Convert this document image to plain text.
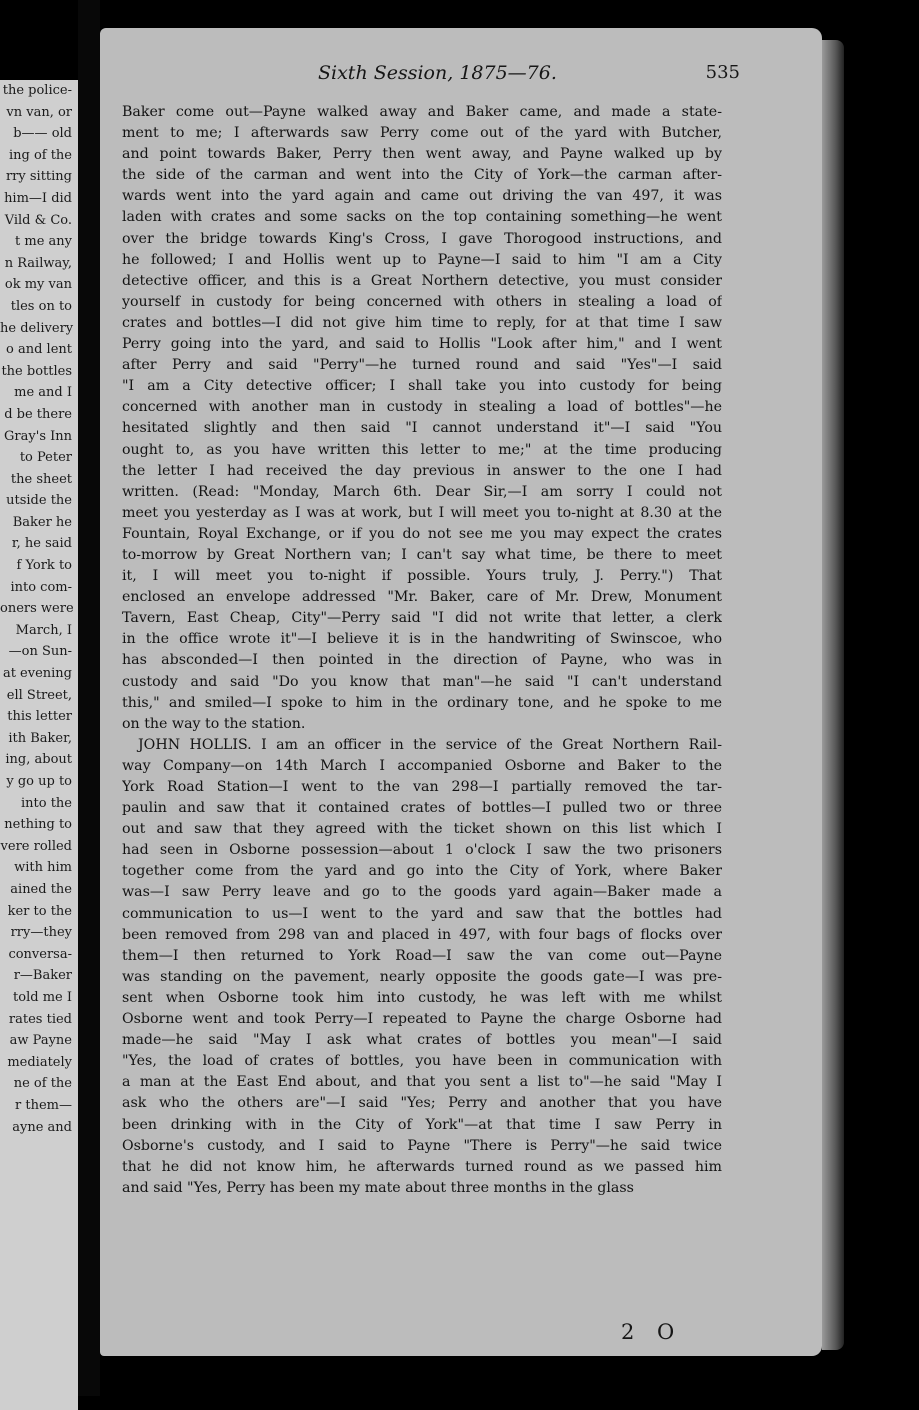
the police-
vn van, or
b—— old
ing of the
rry sitting
him—I did
Vild & Co.
t me any
n Railway,
ok my van
tles on to
he delivery
o and lent
the bottles
me and I
d be there
Gray's Inn
to Peter
the sheet
utside the
Baker he
r, he said
f York to
into com-
oners were
March, I
—on Sun-
at evening
ell Street,
this letter
ith Baker,
ing, about
y go up to
into the
nething to
vere rolled
with him
ained the
ker to the
rry—they
conversa-
r—Baker
told me I
rates tied
aw Payne
mediately
ne of the
r them—
ayne and
Sixth Session, 1875—76.	535
Baker come out—Payne walked away and Baker came, and made a state-
ment to me; I afterwards saw Perry come out of the yard with Butcher,
and point towards Baker, Perry then went away, and Payne walked up by
the side of the carman and went into the City of York—the carman after-
wards went into the yard again and came out driving the van 497, it was
laden with crates and some sacks on the top containing something—he went
over the bridge towards King's Cross, I gave Thorogood instructions, and
he followed; I and Hollis went up to Payne—I said to him "I am a City
detective officer, and this is a Great Northern detective, you must consider
yourself in custody for being concerned with others in stealing a load of
crates and bottles—I did not give him time to reply, for at that time I saw
Perry going into the yard, and said to Hollis "Look after him," and I went
after Perry and said "Perry"—he turned round and said "Yes"—I said
"I am a City detective officer; I shall take you into custody for being
concerned with another man in custody in stealing a load of bottles"—he
hesitated slightly and then said "I cannot understand it"—I said "You
ought to, as you have written this letter to me;" at the time producing
the letter I had received the day previous in answer to the one I had
written. (Read: "Monday, March 6th. Dear Sir,—I am sorry I could not
meet you yesterday as I was at work, but I will meet you to-night at 8.30 at the
Fountain, Royal Exchange, or if you do not see me you may expect the crates
to-morrow by Great Northern van; I can't say what time, be there to meet
it, I will meet you to-night if possible. Yours truly, J. Perry.") That
enclosed an envelope addressed "Mr. Baker, care of Mr. Drew, Monument
Tavern, East Cheap, City"—Perry said "I did not write that letter, a clerk
in the office wrote it"—I believe it is in the handwriting of Swinscoe, who
has absconded—I then pointed in the direction of Payne, who was in
custody and said "Do you know that man"—he said "I can't understand
this," and smiled—I spoke to him in the ordinary tone, and he spoke to me
on the way to the station.
JOHN HOLLIS. I am an officer in the service of the Great Northern Rail-
way Company—on 14th March I accompanied Osborne and Baker to the
York Road Station—I went to the van 298—I partially removed the tar-
paulin and saw that it contained crates of bottles—I pulled two or three
out and saw that they agreed with the ticket shown on this list which I
had seen in Osborne possession—about 1 o'clock I saw the two prisoners
together come from the yard and go into the City of York, where Baker
was—I saw Perry leave and go to the goods yard again—Baker made a
communication to us—I went to the yard and saw that the bottles had
been removed from 298 van and placed in 497, with four bags of flocks over
them—I then returned to York Road—I saw the van come out—Payne
was standing on the pavement, nearly opposite the goods gate—I was pre-
sent when Osborne took him into custody, he was left with me whilst
Osborne went and took Perry—I repeated to Payne the charge Osborne had
made—he said "May I ask what crates of bottles you mean"—I said
"Yes, the load of crates of bottles, you have been in communication with
a man at the East End about, and that you sent a list to"—he said "May I
ask who the others are"—I said "Yes; Perry and another that you have
been drinking with in the City of York"—at that time I saw Perry in
Osborne's custody, and I said to Payne "There is Perry"—he said twice
that he did not know him, he afterwards turned round as we passed him
and said "Yes, Perry has been my mate about three months in the glass
2 O
